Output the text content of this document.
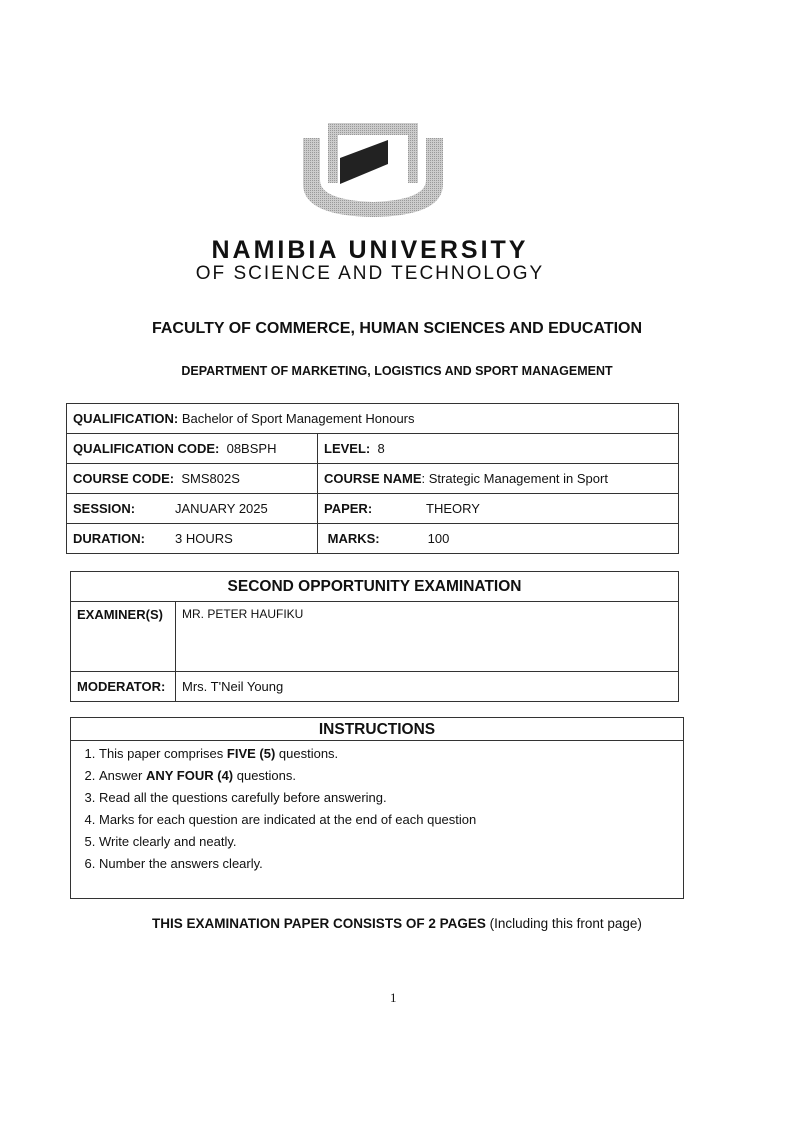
NAMIBIA UNIVERSITY
OF SCIENCE AND TECHNOLOGY
FACULTY OF COMMERCE, HUMAN SCIENCES AND EDUCATION
DEPARTMENT OF MARKETING, LOGISTICS AND SPORT MANAGEMENT
QUALIFICATION: Bachelor of Sport Management Honours	
QUALIFICATION CODE: 08BSPH	LEVEL: 8
COURSE CODE: SMS802S	COURSE NAME: Strategic Management in Sport
SESSION: JANUARY 2025	PAPER: THEORY
DURATION: 3 HOURS	MARKS: 100
SECOND OPPORTUNITY EXAMINATION	
EXAMINER(S)	MR. PETER HAUFIKU
MODERATOR:	Mrs. T'Neil Young
INSTRUCTIONS
1. This paper comprises FIVE (5) questions.
2. Answer ANY FOUR (4) questions.
3. Read all the questions carefully before answering.
4. Marks for each question are indicated at the end of each question
5. Write clearly and neatly.
6. Number the answers clearly.
THIS EXAMINATION PAPER CONSISTS OF 2 PAGES (Including this front page)
1
